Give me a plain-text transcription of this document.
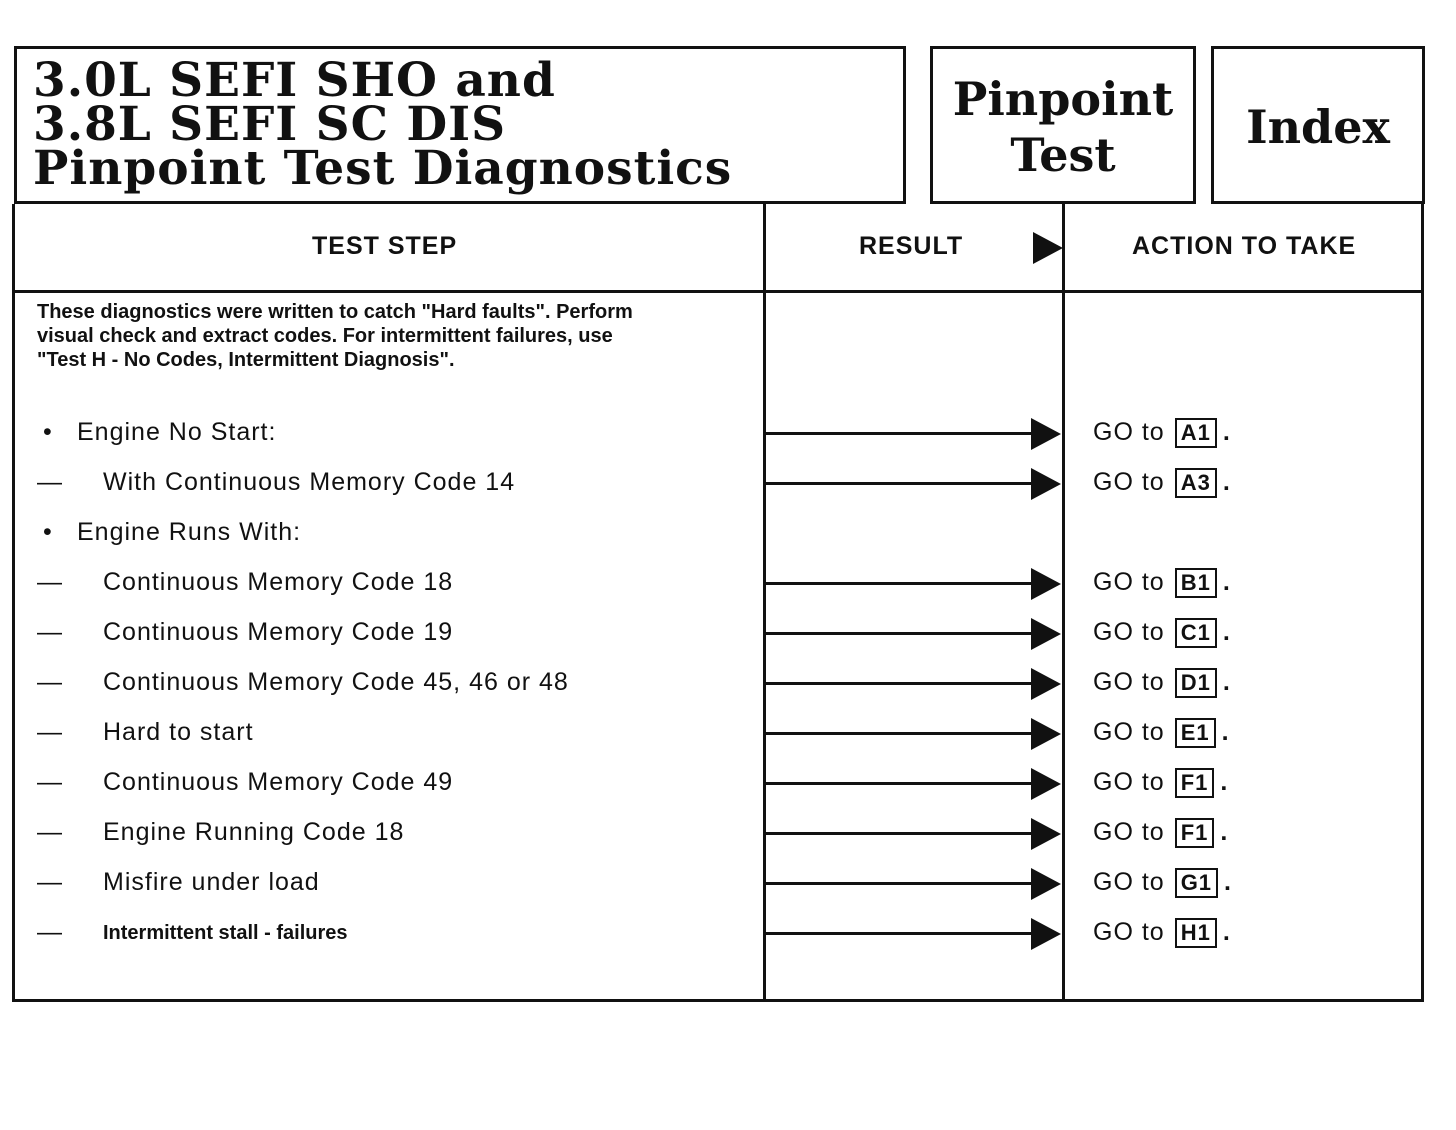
3.0L SEFI SHO and
3.8L SEFI SC DIS
Pinpoint Test Diagnostics
Pinpoint
Test
Index
TEST STEP	RESULT	ACTION TO TAKE
These diagnostics were written to catch "Hard faults". Perform
visual check and extract codes. For intermittent failures, use
"Test H - No Codes, Intermittent Diagnosis".
• Engine No Start:	GO to A1 .
— With Continuous Memory Code 14	GO to A3 .
• Engine Runs With:
— Continuous Memory Code 18	GO to B1 .
— Continuous Memory Code 19	GO to C1 .
— Continuous Memory Code 45, 46 or 48	GO to D1 .
— Hard to start	GO to E1 .
— Continuous Memory Code 49	GO to F1 .
— Engine Running Code 18	GO to F1 .
— Misfire under load	GO to G1 .
— Intermittent stall - failures	GO to H1 .
